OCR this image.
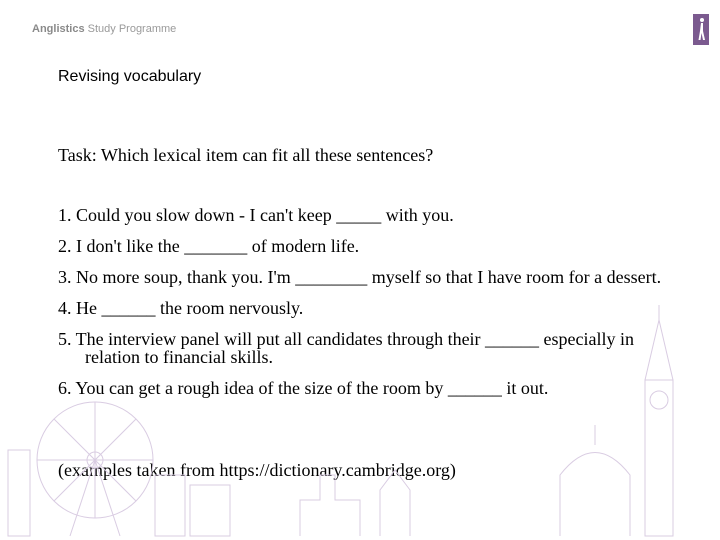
Anglistics Study Programme
Revising vocabulary
Task: Which lexical item can fit all these sentences?
1. Could you slow down - I can't keep _____ with you.
2. I don't like the _______ of modern life.
3. No more soup, thank you. I'm ________ myself so that I have room for a dessert.
4. He ______ the room nervously.
5. The interview panel will put all candidates through their ______ especially in relation to financial skills.
6. You can get a rough idea of the size of the room by ______ it out.
(examples taken from https://dictionary.cambridge.org)
